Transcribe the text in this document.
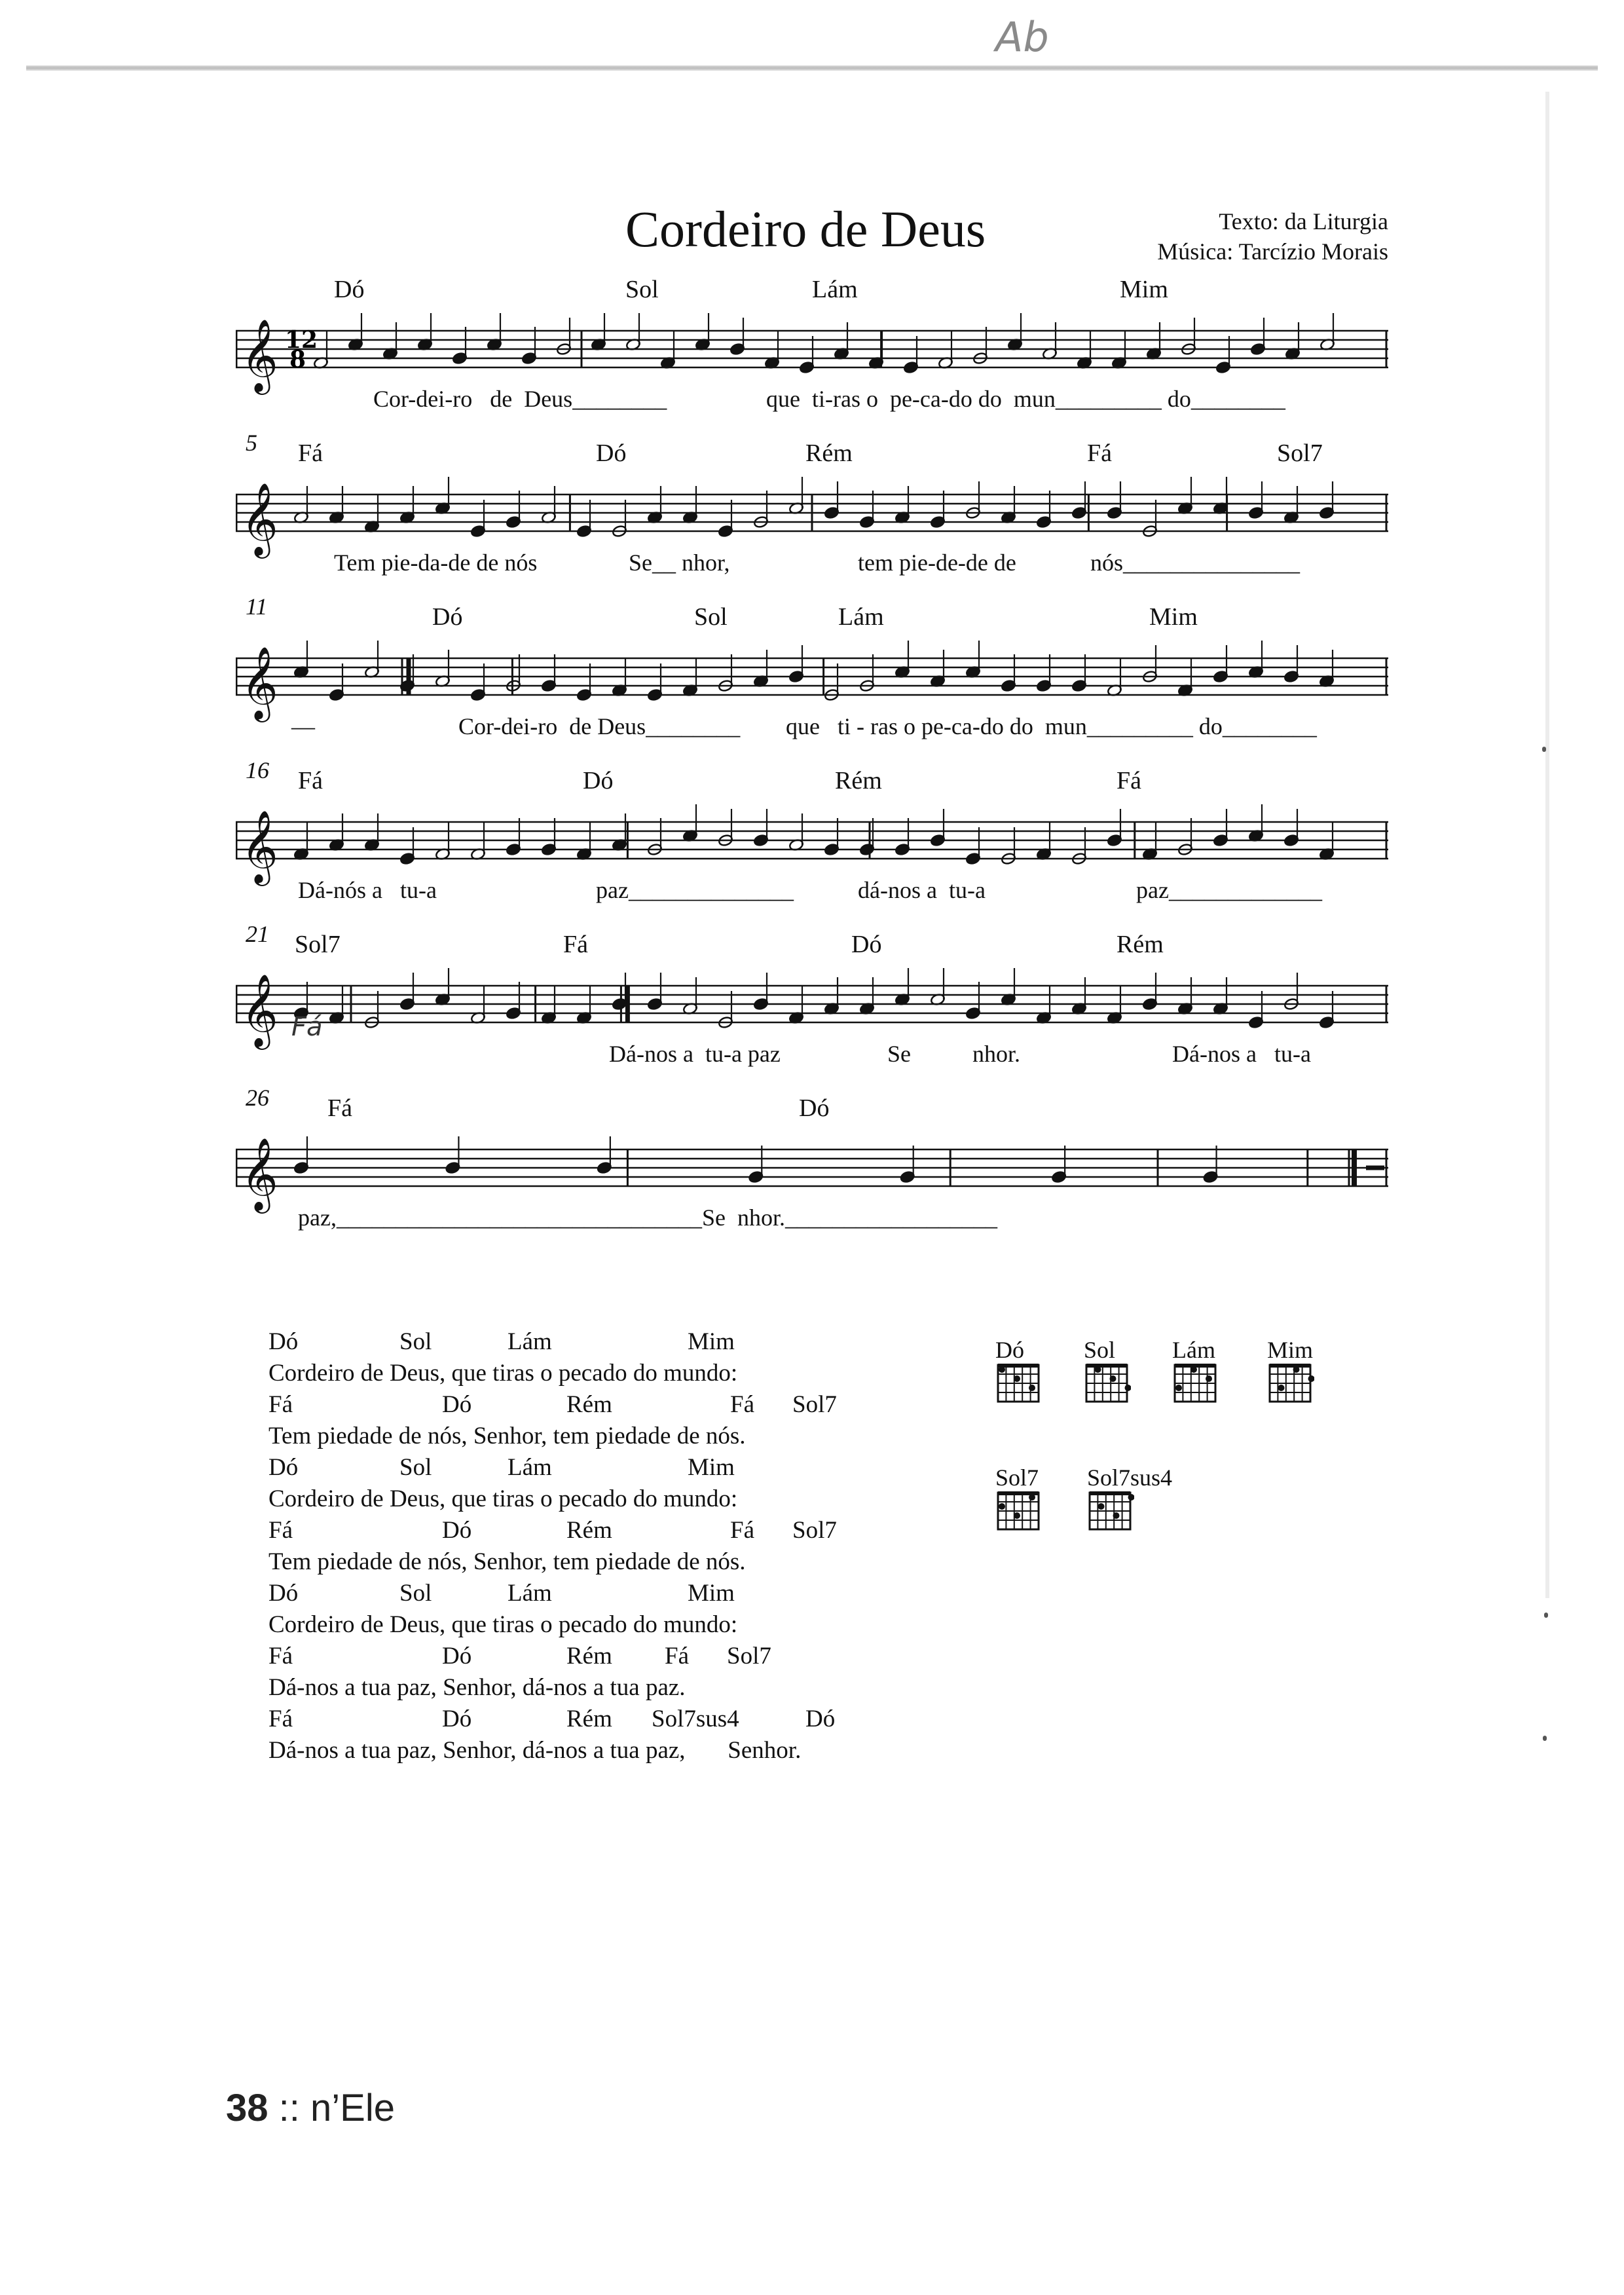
Ab
Cordeiro de Deus	Texto: da Liturgia
Música: Tarcízio Morais
Dó	Sol	Lám	Mim
𝄞 12
8
Cor-dei-ro   de  Deus________	que  ti-ras o  pe-ca-do do  mun_________ do________
5 Fá	Dó	Rém	Fá	Sol7
𝄞
Tem pie-da-de de nós	Se__ nhor,	tem pie-de-de de	nós_______________
11	Dó	Sol	Lám	Mim
𝄞
—	Cor-dei-ro  de Deus________ que   ti - ras o pe-ca-do do  mun_________ do________
16 Fá	Dó	Rém	Fá
𝄞
Dá-nós a   tu-a	paz______________	dá-nos a  tu-a	paz_____________
21 Sol7	Fá	Dó	Rém
𝄞
Dá-nos a  tu-a paz	Se	nhor.	Dá-nos a   tu-a
26 Fá	Dó
𝄞
paz,_______________________________Se  nhor.__________________
Fá
Dó	Sol	Lám	Mim
Cordeiro de Deus, que tiras o pecado do mundo:
Fá	Dó	Rém	Fá Sol7
Tem piedade de nós, Senhor, tem piedade de nós.
Dó	Sol	Lám	Mim
Cordeiro de Deus, que tiras o pecado do mundo:
Fá	Dó	Rém	Fá Sol7
Tem piedade de nós, Senhor, tem piedade de nós.
Dó	Sol	Lám	Mim
Cordeiro de Deus, que tiras o pecado do mundo:
Fá	Dó	Rém Fá Sol7
Dá-nos a tua paz, Senhor, dá-nos a tua paz.
Fá	Dó	Rém Sol7sus4	Dó
Dá-nos a tua paz, Senhor, dá-nos a tua paz,       Senhor.
Dó	Sol Lám Mim
Sol7 Sol7sus4
38 :: n’Ele
